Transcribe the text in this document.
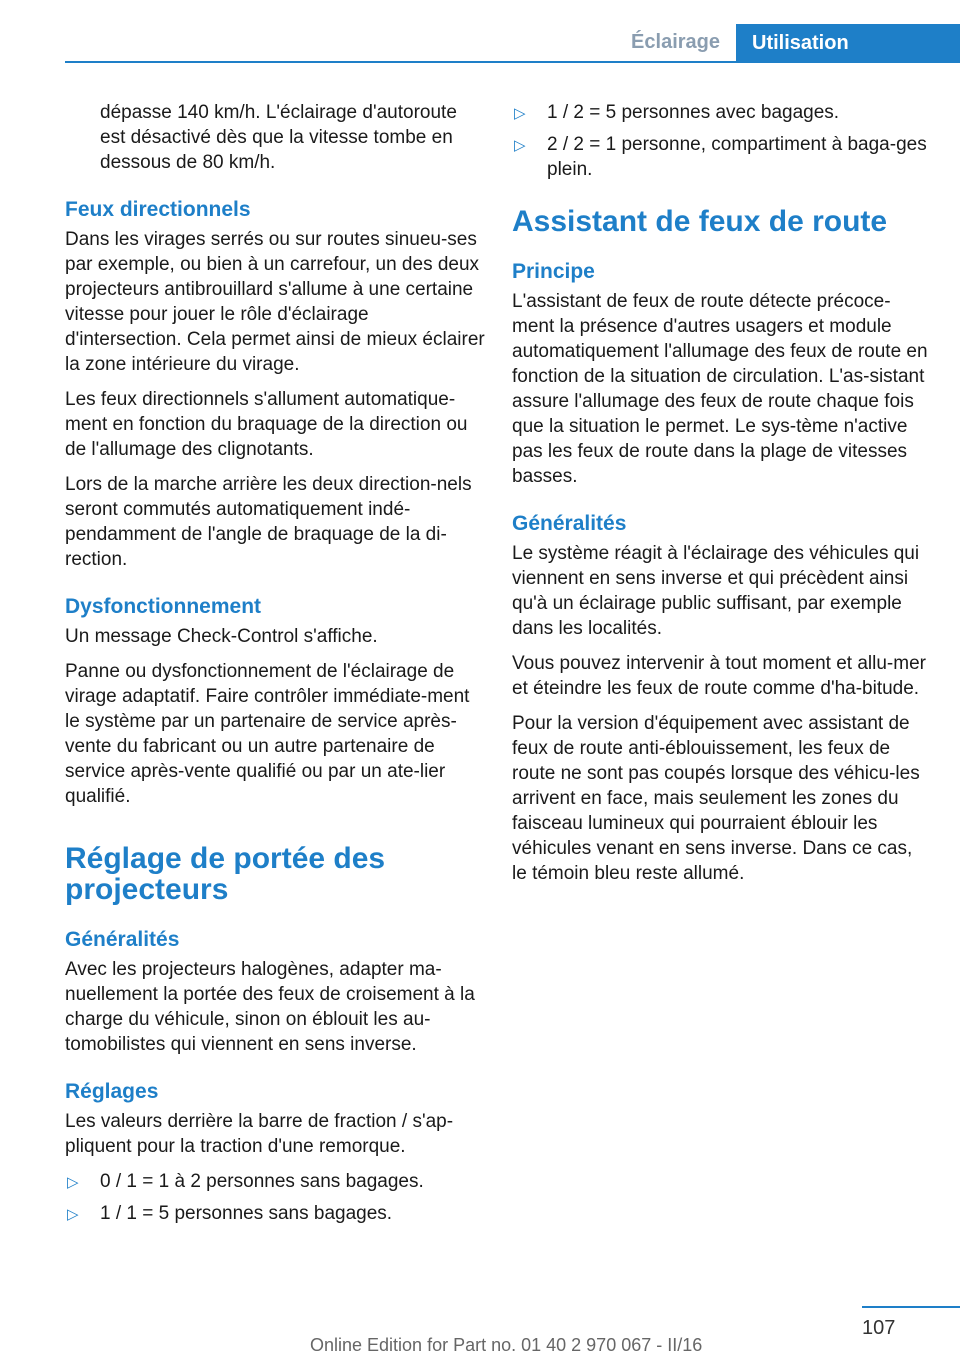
Éclairage	Utilisation

dépasse 140 km/h. L'éclairage d'autoroute est désactivé dès que la vitesse tombe en dessous de 80 km/h.

Feux directionnels

Dans les virages serrés ou sur routes sinueu‐ses par exemple, ou bien à un carrefour, un des deux projecteurs antibrouillard s'allume à une certaine vitesse pour jouer le rôle d'éclairage d'intersection. Cela permet ainsi de mieux éclairer la zone intérieure du virage.

Les feux directionnels s'allument automatique‐ment en fonction du braquage de la direction ou de l'allumage des clignotants.

Lors de la marche arrière les deux direction‐nels seront commutés automatiquement indé‐pendamment de l'angle de braquage de la di‐rection.

Dysfonctionnement

Un message Check-Control s'affiche.

Panne ou dysfonctionnement de l'éclairage de virage adaptatif. Faire contrôler immédiate‐ment le système par un partenaire de service après-vente du fabricant ou un autre partenaire de service après-vente qualifié ou par un ate‐lier qualifié.

Réglage de portée des projecteurs
Généralités

Avec les projecteurs halogènes, adapter ma‐nuellement la portée des feux de croisement à la charge du véhicule, sinon on éblouit les au‐tomobilistes qui viennent en sens inverse.

Réglages

Les valeurs derrière la barre de fraction / s'ap‐pliquent pour la traction d'une remorque.

▷ 0 / 1 = 1 à 2 personnes sans bagages.
▷ 1 / 1 = 5 personnes sans bagages.
▷ 1 / 2 = 5 personnes avec bagages.
▷ 2 / 2 = 1 personne, compartiment à baga‐ges plein.
Assistant de feux de route
Principe

L'assistant de feux de route détecte précoce‐ment la présence d'autres usagers et module automatiquement l'allumage des feux de route en fonction de la situation de circulation. L'as‐sistant assure l'allumage des feux de route chaque fois que la situation le permet. Le sys‐tème n'active pas les feux de route dans la plage de vitesses basses.

Généralités

Le système réagit à l'éclairage des véhicules qui viennent en sens inverse et qui précèdent ainsi qu'à un éclairage public suffisant, par exemple dans les localités.

Vous pouvez intervenir à tout moment et allu‐mer et éteindre les feux de route comme d'ha‐bitude.

Pour la version d'équipement avec assistant de feux de route anti-éblouissement, les feux de route ne sont pas coupés lorsque des véhicu‐les arrivent en face, mais seulement les zones du faisceau lumineux qui pourraient éblouir les véhicules venant en sens inverse. Dans ce cas, le témoin bleu reste allumé.

107
Online Edition for Part no. 01 40 2 970 067 - II/16
